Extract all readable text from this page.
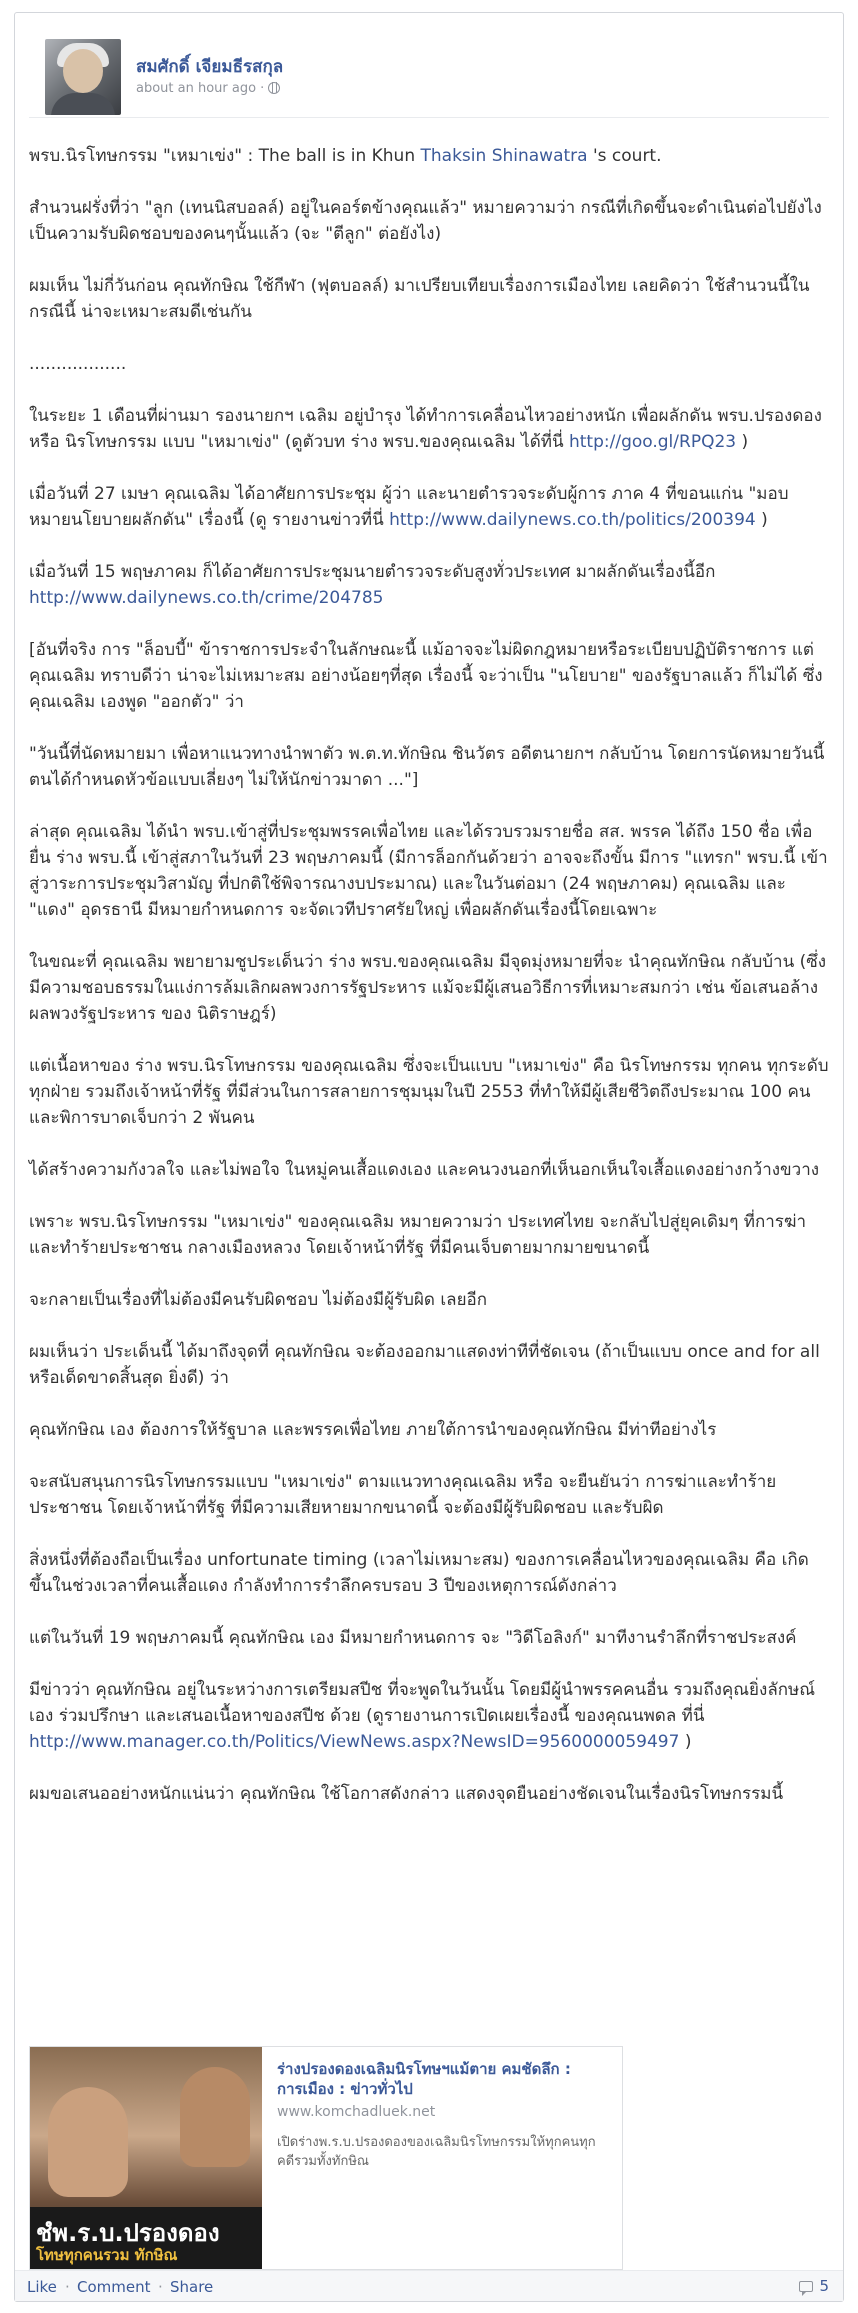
สมศักดิ์ เจียมธีรสกุล
about an hour ago ·

พรบ.นิรโทษกรรม "เหมาเข่ง" : The ball is in Khun Thaksin Shinawatra 's court.

สำนวนฝรั่งที่ว่า "ลูก (เทนนิสบอลล์) อยู่ในคอร์ตข้างคุณแล้ว" หมายความว่า กรณีที่เกิดขึ้นจะดำเนินต่อไปยังไง เป็นความรับผิดชอบของคนๆนั้นแล้ว (จะ "ตีลูก" ต่อยังไง)

ผมเห็น ไม่กี่วันก่อน คุณทักษิณ ใช้กีฬา (ฟุตบอลล์) มาเปรียบเทียบเรื่องการเมืองไทย เลยคิดว่า ใช้สำนวนนี้ในกรณีนี้ น่าจะเหมาะสมดีเช่นกัน

..................

ในระยะ 1 เดือนที่ผ่านมา รองนายกฯ เฉลิม อยู่บำรุง ได้ทำการเคลื่อนไหวอย่างหนัก เพื่อผลักดัน พรบ.ปรองดอง หรือ นิรโทษกรรม แบบ "เหมาเข่ง" (ดูตัวบท ร่าง พรบ.ของคุณเฉลิม ได้ที่นี่ http://goo.gl/RPQ23 )

เมื่อวันที่ 27 เมษา คุณเฉลิม ได้อาศัยการประชุม ผู้ว่า และนายตำรวจระดับผู้การ ภาค 4 ที่ขอนแก่น "มอบหมายนโยบายผลักดัน" เรื่องนี้ (ดู รายงานข่าวที่นี่ http://www.dailynews.co.th/politics/200394 )

เมื่อวันที่ 15 พฤษภาคม ก็ได้อาศัยการประชุมนายตำรวจระดับสูงทั่วประเทศ มาผลักดันเรื่องนี้อีก http://www.dailynews.co.th/crime/204785

[อันที่จริง การ "ล็อบบี้" ข้าราชการประจำในลักษณะนี้ แม้อาจจะไม่ผิดกฎหมายหรือระเบียบปฏิบัติราชการ แต่คุณเฉลิม ทราบดีว่า น่าจะไม่เหมาะสม อย่างน้อยๆที่สุด เรื่องนี้ จะว่าเป็น "นโยบาย" ของรัฐบาลแล้ว ก็ไม่ได้ ซึ่งคุณเฉลิม เองพูด "ออกตัว" ว่า

"วันนี้ที่นัดหมายมา เพื่อหาแนวทางนำพาตัว พ.ต.ท.ทักษิณ ชินวัตร อดีตนายกฯ กลับบ้าน โดยการนัดหมายวันนี้ตนได้กำหนดหัวข้อแบบเลี่ยงๆ ไม่ให้นักข่าวมาดา ..."]

ล่าสุด คุณเฉลิม ได้นำ พรบ.เข้าสู่ที่ประชุมพรรคเพื่อไทย และได้รวบรวมรายชื่อ สส. พรรค ได้ถึง 150 ชื่อ เพื่อยื่น ร่าง พรบ.นี้ เข้าสู่สภาในวันที่ 23 พฤษภาคมนี้ (มีการล็อกกันด้วยว่า อาจจะถึงขั้น มีการ "แทรก" พรบ.นี้ เข้าสู่วาระการประชุมวิสามัญ ที่ปกติใช้พิจารณางบประมาณ) และในวันต่อมา (24 พฤษภาคม) คุณเฉลิม และ "แดง" อุดรธานี มีหมายกำหนดการ จะจัดเวทีปราศรัยใหญ่ เพื่อผลักดันเรื่องนี้โดยเฉพาะ

ในขณะที่ คุณเฉลิม พยายามชูประเด็นว่า ร่าง พรบ.ของคุณเฉลิม มีจุดมุ่งหมายที่จะ นำคุณทักษิณ กลับบ้าน (ซึ่งมีความชอบธรรมในแง่การล้มเลิกผลพวงการรัฐประหาร แม้จะมีผู้เสนอวิธีการที่เหมาะสมกว่า เช่น ข้อเสนอล้างผลพวงรัฐประหาร ของ นิติราษฎร์)

แต่เนื้อหาของ ร่าง พรบ.นิรโทษกรรม ของคุณเฉลิม ซึ่งจะเป็นแบบ "เหมาเข่ง" คือ นิรโทษกรรม ทุกคน ทุกระดับ ทุกฝ่าย รวมถึงเจ้าหน้าที่รัฐ ที่มีส่วนในการสลายการชุมนุมในปี 2553 ที่ทำให้มีผู้เสียชีวิตถึงประมาณ 100 คน และพิการบาดเจ็บกว่า 2 พันคน

ได้สร้างความกังวลใจ และไม่พอใจ ในหมู่คนเสื้อแดงเอง และคนวงนอกที่เห็นอกเห็นใจเสื้อแดงอย่างกว้างขวาง

เพราะ พรบ.นิรโทษกรรม "เหมาเข่ง" ของคุณเฉลิม หมายความว่า ประเทศไทย จะกลับไปสู่ยุคเดิมๆ ที่การฆ่าและทำร้ายประชาชน กลางเมืองหลวง โดยเจ้าหน้าที่รัฐ ที่มีคนเจ็บตายมากมายขนาดนี้

จะกลายเป็นเรื่องที่ไม่ต้องมีคนรับผิดชอบ ไม่ต้องมีผู้รับผิด เลยอีก

ผมเห็นว่า ประเด็นนี้ ได้มาถึงจุดที่ คุณทักษิณ จะต้องออกมาแสดงท่าทีที่ชัดเจน (ถ้าเป็นแบบ once and for all หรือเด็ดขาดสิ้นสุด ยิ่งดี) ว่า

คุณทักษิณ เอง ต้องการให้รัฐบาล และพรรคเพื่อไทย ภายใต้การนำของคุณทักษิณ มีท่าทีอย่างไร

จะสนับสนุนการนิรโทษกรรมแบบ "เหมาเข่ง" ตามแนวทางคุณเฉลิม หรือ จะยืนยันว่า การฆ่าและทำร้ายประชาชน โดยเจ้าหน้าที่รัฐ ที่มีความเสียหายมากขนาดนี้ จะต้องมีผู้รับผิดชอบ และรับผิด

สิ่งหนึ่งที่ต้องถือเป็นเรื่อง unfortunate timing (เวลาไม่เหมาะสม) ของการเคลื่อนไหวของคุณเฉลิม คือ เกิดขึ้นในช่วงเวลาที่คนเสื้อแดง กำลังทำการรำลึกครบรอบ 3 ปีของเหตุการณ์ดังกล่าว

แต่ในวันที่ 19 พฤษภาคมนี้ คุณทักษิณ เอง มีหมายกำหนดการ จะ "วิดีโอลิงก์" มาทีงานรำลึกที่ราชประสงค์

มีข่าวว่า คุณทักษิณ อยู่ในระหว่างการเตรียมสปีช ที่จะพูดในวันนั้น โดยมีผู้นำพรรคคนอื่น รวมถึงคุณยิ่งลักษณ์ เอง ร่วมปรึกษา และเสนอเนื้อหาของสปีช ด้วย (ดูรายงานการเปิดเผยเรื่องนี้ ของคุณนพดล ที่นี่ http://www.manager.co.th/Politics/ViewNews.aspx?NewsID=9560000059497 )

ผมขอเสนออย่างหนักแน่นว่า คุณทักษิณ ใช้โอกาสดังกล่าว แสดงจุดยืนอย่างชัดเจนในเรื่องนิรโทษกรรมนี้

ชํพ.ร.บ.ปรองดอง
โทษทุกคนรวม ทักษิณ
ร่างปรองดองเฉลิมนิรโทษฯแม้ตาย คมชัดลึก : การเมือง : ข่าวทั่วไป
www.komchadluek.net
เปิดร่างพ.ร.บ.ปรองดองของเฉลิมนิรโทษกรรมให้ทุกคนทุกคดีรวมทั้งทักษิณ
Like · Comment · Share	5
